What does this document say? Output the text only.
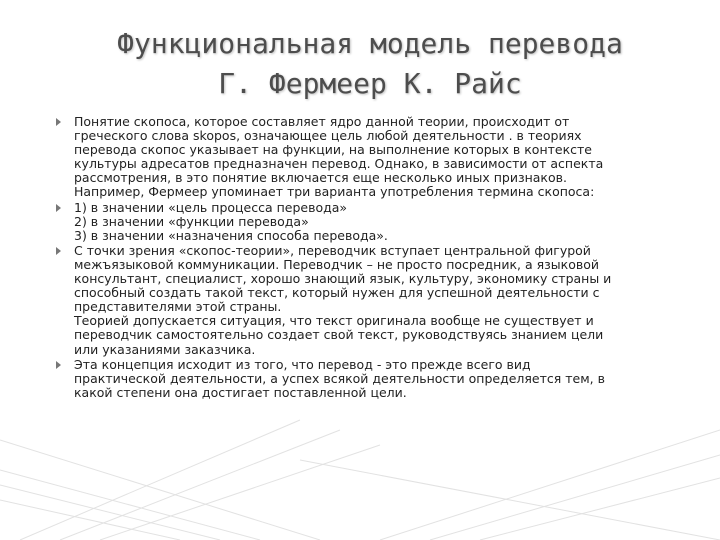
Функциональная модель перевода
Г. Фермеер К. Райс
Понятие скопоса, которое составляет ядро данной теории, происходит от
греческого слова skopos, означающее цель любой деятельности . в теориях
перевода скопос указывает на функции, на выполнение которых в контексте
культуры адресатов предназначен перевод. Однако, в зависимости от аспекта
рассмотрения, в это понятие включается еще несколько иных признаков.
Например, Фермеер упоминает три варианта употребления термина скопоса:
1) в значении «цель процесса перевода»
2) в значении «функции перевода»
3) в значении «назначения способа перевода».
С точки зрения «скопос-теории», переводчик вступает центральной фигурой
межъязыковой коммуникации. Переводчик – не просто посредник, а языковой
консультант, специалист, хорошо знающий язык, культуру, экономику страны и
способный создать такой текст, который нужен для успешной деятельности с
представителями этой страны.
Теорией допускается ситуация, что текст оригинала вообще не существует и
переводчик самостоятельно создает свой текст, руководствуясь знанием цели
или указаниями заказчика.
Эта концепция исходит из того, что перевод - это прежде всего вид
практической деятельности, а успех всякой деятельности определяется тем, в
какой степени она достигает поставленной цели.
